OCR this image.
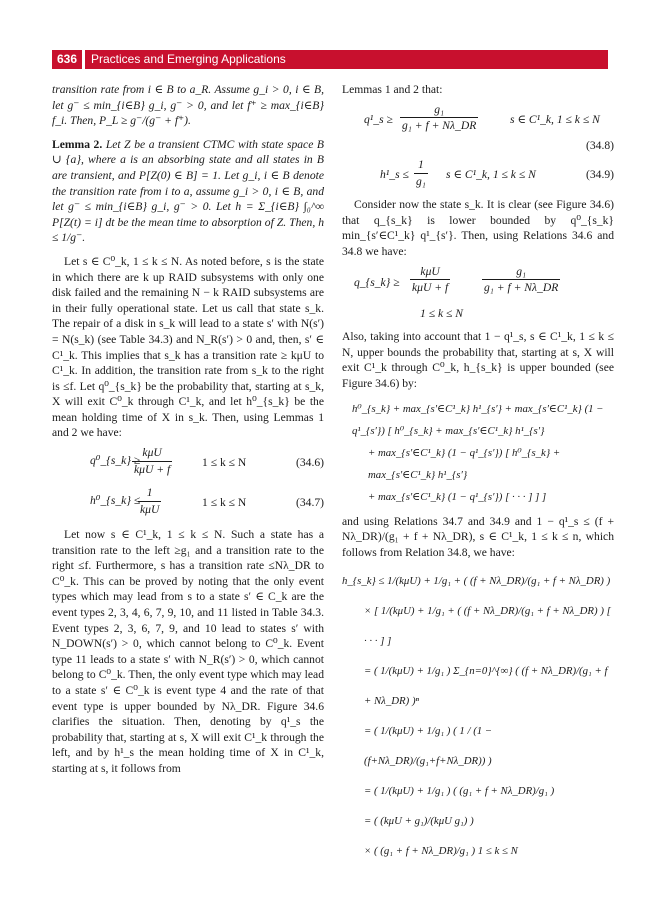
636	Practices and Emerging Applications

transition rate from i ∈ B to a_R. Assume g_i > 0, i ∈ B, let g⁻ ≤ min_{i∈B} g_i, g⁻ > 0, and let f⁺ ≥ max_{i∈B} f_i. Then, P_L ≥ g⁻/(g⁻ + f⁺).

Lemma 2. Let Z be a transient CTMC with state space B ∪ {a}, where a is an absorbing state and all states in B are transient, and P[Z(0) ∈ B] = 1. Let g_i, i ∈ B denote the transition rate from i to a, assume g_i > 0, i ∈ B, and let g⁻ ≤ min_{i∈B} g_i, g⁻ > 0. Let h = Σ_{i∈B} ∫₀^∞ P[Z(t) = i] dt be the mean time to absorption of Z. Then, h ≤ 1/g⁻.

Let s ∈ C⁰_k, 1 ≤ k ≤ N. As noted before, s is the state in which there are k up RAID subsystems with only one disk failed and the remaining N − k RAID subsystems are in their fully operational state. Let us call that state s_k. The repair of a disk in s_k will lead to a state s′ with N(s′) = N(s_k) (see Table 34.3) and N_R(s′) > 0 and, then, s′ ∈ C¹_k. This implies that s_k has a transition rate ≥ kμU to C¹_k. In addition, the transition rate from s_k to the right is ≤f. Let q⁰_{s_k} be the probability that, starting at s_k, X will exit C⁰_k through C¹_k, and let h⁰_{s_k} be the mean holding time of X in s_k. Then, using Lemmas 1 and 2 we have:

q⁰_{s_k} ≥
kμU
kμU + f
1 ≤ k ≤ N	(34.6)
h⁰_{s_k} ≤
1
kμU
1 ≤ k ≤ N	(34.7)

Let now s ∈ C¹_k, 1 ≤ k ≤ N. Such a state has a transition rate to the left ≥g₁ and a transition rate to the right ≤f. Furthermore, s has a transition rate ≤Nλ_DR to C⁰_k. This can be proved by noting that the only event types which may lead from s to a state s′ ∈ C_k are the event types 2, 3, 4, 6, 7, 9, 10, and 11 listed in Table 34.3. Event types 2, 3, 6, 7, 9, and 10 lead to states s′ with N_DOWN(s′) > 0, which cannot belong to C⁰_k. Event type 11 leads to a state s′ with N_R(s′) > 0, which cannot belong to C⁰_k. Then, the only event type which may lead to a state s′ ∈ C⁰_k is event type 4 and the rate of that event type is upper bounded by Nλ_DR. Figure 34.6 clarifies the situation. Then, denoting by q¹_s the probability that, starting at s, X will exit C¹_k through the left, and by h¹_s the mean holding time of X in C¹_k, starting at s, it follows from

Lemmas 1 and 2 that:

q¹_s ≥ $\frac{\text{g₁}}{\text{g₁ + f + Nλ\_DR}}$	s ∈ C¹_k, 1 ≤ k ≤ N
(34.8)
h¹_s ≤ $\frac{1}{\text{g₁}}$ s ∈ C¹_k, 1 ≤ k ≤ N	(34.9)

Consider now the state s_k. It is clear (see Figure 34.6) that q_{s_k} is lower bounded by q⁰_{s_k} min_{s′∈C¹_k} q¹_{s′}. Then, using Relations 34.6 and 34.8 we have:

q_{s_k} ≥
kμU
kμU + f	$\frac{\text{g₁}}{\text{g₁ + f + Nλ\_DR}}$
1 ≤ k ≤ N

Also, taking into account that 1 − q¹_s, s ∈ C¹_k, 1 ≤ k ≤ N, upper bounds the probability that, starting at s, X will exit C¹_k through C⁰_k, h_{s_k} is upper bounded (see Figure 34.6) by:

h⁰_{s_k} + max_{s′∈C¹_k} h¹_{s′} + max_{s′∈C¹_k} (1 − q¹_{s′}) [ h⁰_{s_k} + max_{s′∈C¹_k} h¹_{s′}
+ max_{s′∈C¹_k} (1 − q¹_{s′}) [ h⁰_{s_k} + max_{s′∈C¹_k} h¹_{s′}
+ max_{s′∈C¹_k} (1 − q¹_{s′}) [ · · · ] ] ]

and using Relations 34.7 and 34.9 and 1 − q¹_s ≤ (f + Nλ_DR)/(g₁ + f + Nλ_DR), s ∈ C¹_k, 1 ≤ k ≤ n, which follows from Relation 34.8, we have:

h_{s_k} ≤ 1/(kμU) + 1/g₁ + ( (f + Nλ_DR)/(g₁ + f + Nλ_DR) )
× [ 1/(kμU) + 1/g₁ + ( (f + Nλ_DR)/(g₁ + f + Nλ_DR) ) [ · · · ] ]
= ( 1/(kμU) + 1/g₁ ) Σ_{n=0}^{∞} ( (f + Nλ_DR)/(g₁ + f + Nλ_DR) )ⁿ
= ( 1/(kμU) + 1/g₁ ) ( 1 / (1 − (f+Nλ_DR)/(g₁+f+Nλ_DR)) )
= ( 1/(kμU) + 1/g₁ ) ( (g₁ + f + Nλ_DR)/g₁ )
= ( (kμU + g₁)/(kμU g₁) )
× ( (g₁ + f + Nλ_DR)/g₁ ) 1 ≤ k ≤ N
